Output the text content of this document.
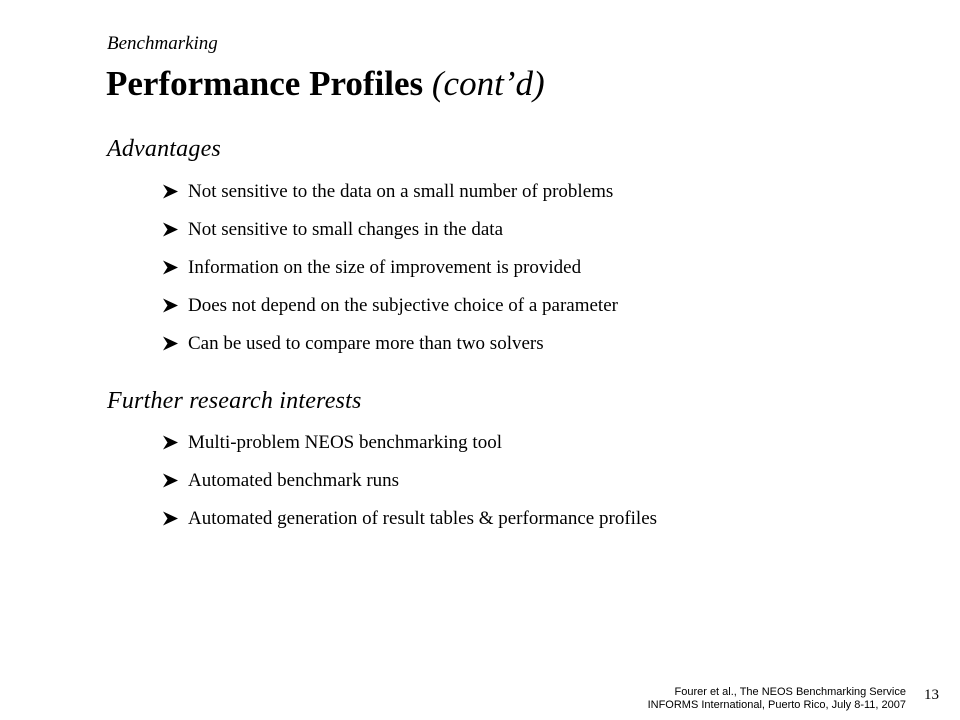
Benchmarking
Performance Profiles (cont’d)
Advantages
Not sensitive to the data on a small number of problems
Not sensitive to small changes in the data
Information on the size of improvement is provided
Does not depend on the subjective choice of a parameter
Can be used to compare more than two solvers
Further research interests
Multi-problem NEOS benchmarking tool
Automated benchmark runs
Automated generation of result tables & performance profiles
Fourer et al., The NEOS Benchmarking Service
INFORMS International, Puerto Rico, July 8-11, 2007
13
